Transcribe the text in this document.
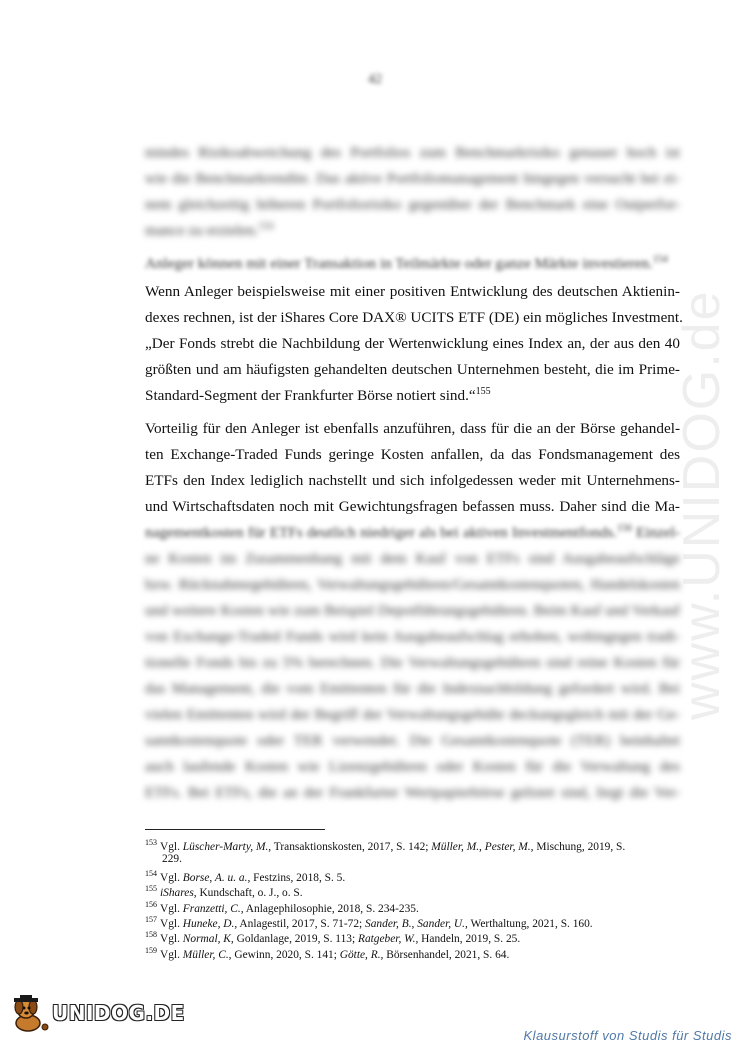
www.UNIDOG.de
42
mindes Risikoabweichung des Portfolios zum Benchmarkrisiko genauer hoch ist
wie die Benchmarkrendite. Das aktive Portfoliomanagement hingegen versucht bei ei-
nem gleichzeitig höheren Portfoliorisiko gegenüber der Benchmark eine Outperfor-
mance zu erzielen.$^{154}$
Anleger können mit einer Transaktion in Teilmärkte oder ganze Märkte investieren.$^{154}$
Wenn Anleger beispielsweise mit einer positiven Entwicklung des deutschen Aktienin-
dexes rechnen, ist der iShares Core DAX® UCITS ETF (DE) ein mögliches Investment.
„Der Fonds strebt die Nachbildung der Wertenwicklung eines Index an, der aus den 40
größten und am häufigsten gehandelten deutschen Unternehmen besteht, die im Prime-
Standard-Segment der Frankfurter Börse notiert sind.“$^{155}$
Vorteilig für den Anleger ist ebenfalls anzuführen, dass für die an der Börse gehandel-
ten Exchange-Traded Funds geringe Kosten anfallen, da das Fondsmanagement des
ETFs den Index lediglich nachstellt und sich infolgedessen weder mit Unternehmens-
und Wirtschaftsdaten noch mit Gewichtungsfragen befassen muss. Daher sind die Ma-
nagementkosten für ETFs deutlich niedriger als bei aktiven Investmentfonds.$^{156}$ Einzel-
ne Kosten im Zusammenhang mit dem Kauf von ETFs sind Ausgabeaufschläge
bzw. Rücknahmegebühren, Verwaltungsgebühren/Gesamtkostenquoten, Handelskosten
und weitere Kosten wie zum Beispiel Depotführungsgebühren. Beim Kauf und Verkauf
von Exchange-Traded Funds wird kein Ausgabeaufschlag erhoben, wohingegen tradi-
tionelle Fonds bis zu 5% berechnen. Die Verwaltungsgebühren sind reine Kosten für
das Management, die vom Emittenten für die Indexnachbildung gefordert wird. Bei
vielen Emittenten wird der Begriff der Verwaltungsgebühr deckungsgleich mit der Ge-
samtkostenquote oder TER verwendet. Die Gesamtkostenquote (TER) beinhaltet
auch laufende Kosten wie Lizenzgebühren oder Kosten für die Verwaltung des
ETFs. Bei ETFs, die an der Frankfurter Wertpapierbörse gelistet sind, liegt die Ver-
$^{153}$ Vgl. Lüscher-Marty, M., Transaktionskosten, 2017, S. 142; Müller, M., Pester, M., Mischung, 2019, S.
229.
$^{154}$ Vgl. Borse, A. u. a., Festzins, 2018, S. 5.
$^{155}$ iShares, Kundschaft, o. J., o. S.
$^{156}$ Vgl. Franzetti, C., Anlagephilosophie, 2018, S. 234-235.
$^{157}$ Vgl. Huneke, D., Anlagestil, 2017, S. 71-72; Sander, B., Sander, U., Werthaltung, 2021, S. 160.
$^{158}$ Vgl. Normal, K, Goldanlage, 2019, S. 113; Ratgeber, W., Handeln, 2019, S. 25.
$^{159}$ Vgl. Müller, C., Gewinn, 2020, S. 141; Götte, R., Börsenhandel, 2021, S. 64.
UNIDOG.DE
Klausurstoff von Studis für Studis
